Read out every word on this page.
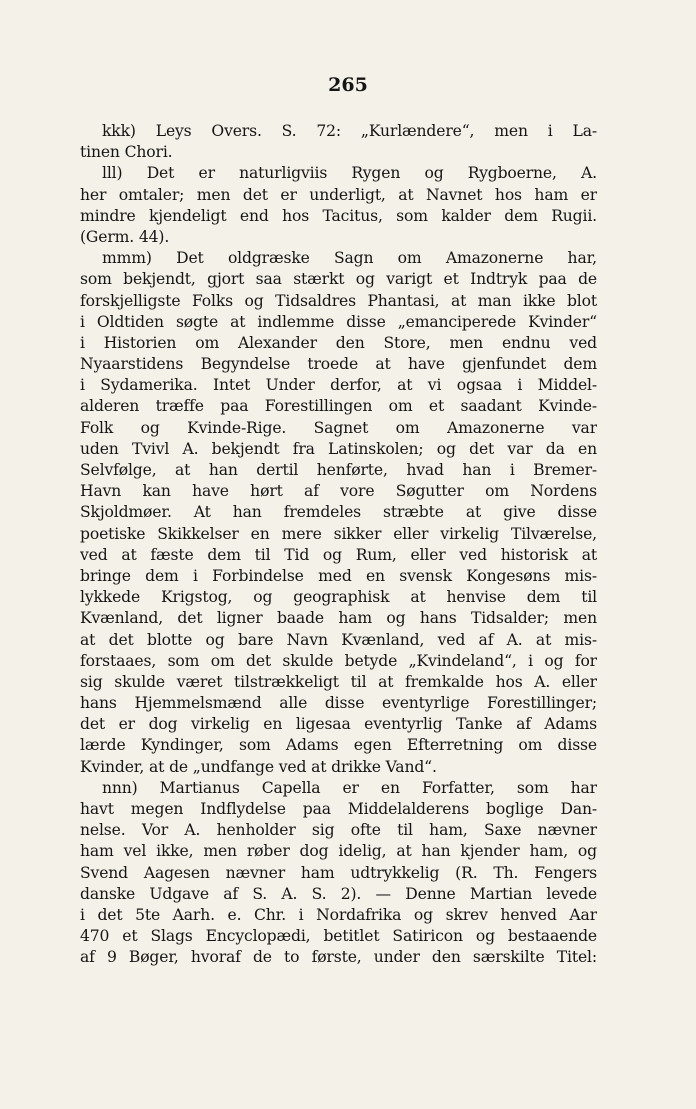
265
kkk) Leys Overs. S. 72: „Kurlændere“, men i La-
tinen Chori.
lll) Det er naturligviis Rygen og Rygboerne, A.
her omtaler; men det er underligt, at Navnet hos ham er
mindre kjendeligt end hos Tacitus, som kalder dem Rugii.
(Germ. 44).
mmm) Det oldgræske Sagn om Amazonerne har,
som bekjendt, gjort saa stærkt og varigt et Indtryk paa de
forskjelligste Folks og Tidsaldres Phantasi, at man ikke blot
i Oldtiden søgte at indlemme disse „emanciperede Kvinder“
i Historien om Alexander den Store, men endnu ved
Nyaarstidens Begyndelse troede at have gjenfundet dem
i Sydamerika. Intet Under derfor, at vi ogsaa i Middel-
alderen træffe paa Forestillingen om et saadant Kvinde-
Folk og Kvinde-Rige. Sagnet om Amazonerne var
uden Tvivl A. bekjendt fra Latinskolen; og det var da en
Selvfølge, at han dertil henførte, hvad han i Bremer-
Havn kan have hørt af vore Søgutter om Nordens
Skjoldmøer. At han fremdeles stræbte at give disse
poetiske Skikkelser en mere sikker eller virkelig Tilværelse,
ved at fæste dem til Tid og Rum, eller ved historisk at
bringe dem i Forbindelse med en svensk Kongesøns mis-
lykkede Krigstog, og geographisk at henvise dem til
Kvænland, det ligner baade ham og hans Tidsalder; men
at det blotte og bare Navn Kvænland, ved af A. at mis-
forstaaes, som om det skulde betyde „Kvindeland“, i og for
sig skulde været tilstrækkeligt til at fremkalde hos A. eller
hans Hjemmelsmænd alle disse eventyrlige Forestillinger;
det er dog virkelig en ligesaa eventyrlig Tanke af Adams
lærde Kyndinger, som Adams egen Efterretning om disse
Kvinder, at de „undfange ved at drikke Vand“.
nnn) Martianus Capella er en Forfatter, som har
havt megen Indflydelse paa Middelalderens boglige Dan-
nelse. Vor A. henholder sig ofte til ham, Saxe nævner
ham vel ikke, men røber dog idelig, at han kjender ham, og
Svend Aagesen nævner ham udtrykkelig (R. Th. Fengers
danske Udgave af S. A. S. 2). — Denne Martian levede
i det 5te Aarh. e. Chr. i Nordafrika og skrev henved Aar
470 et Slags Encyclopædi, betitlet Satiricon og bestaaende
af 9 Bøger, hvoraf de to første, under den særskilte Titel:
